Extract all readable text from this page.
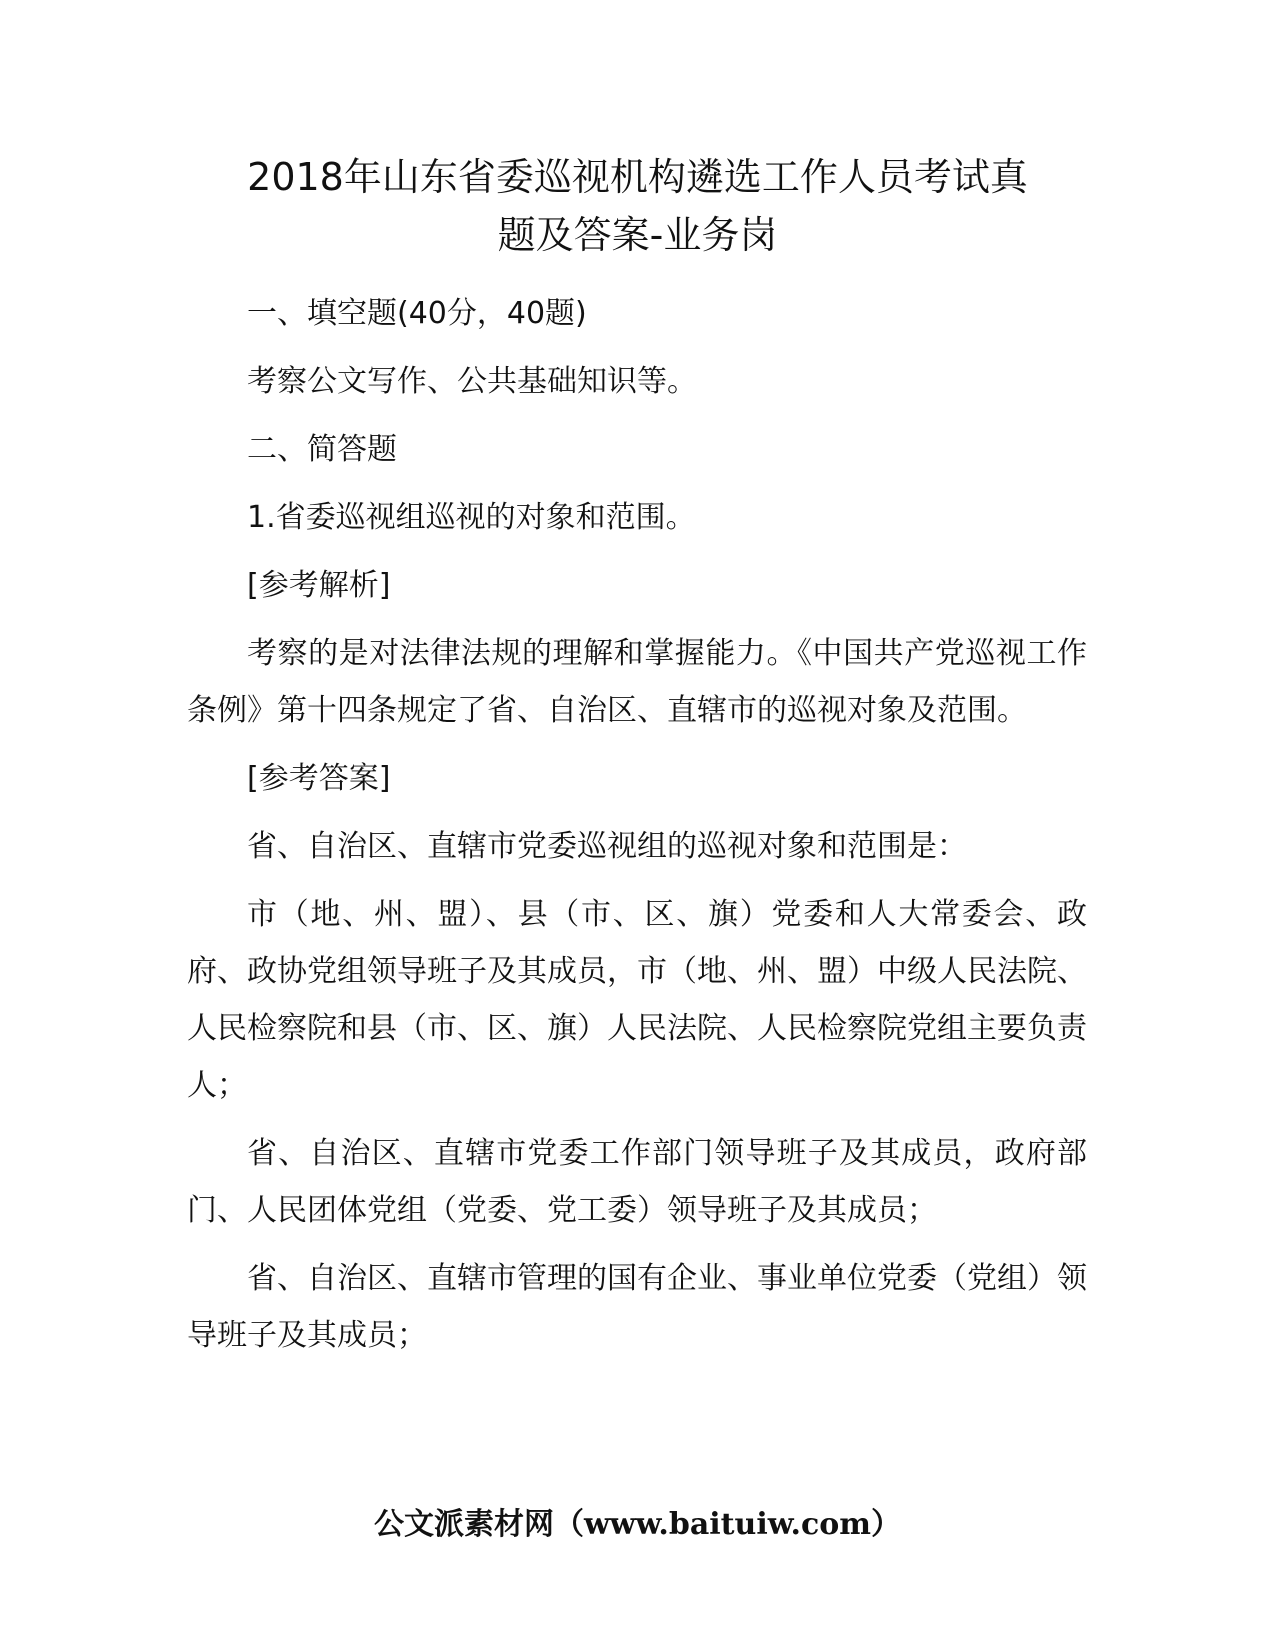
2018年山东省委巡视机构遴选工作人员考试真
题及答案-业务岗

一、填空题(40分，40题)

考察公文写作、公共基础知识等。

二、简答题

1.省委巡视组巡视的对象和范围。

[参考解析]

考察的是对法律法规的理解和掌握能力。《中国共产党巡视工作条例》第十四条规定了省、自治区、直辖市的巡视对象及范围。

[参考答案]

省、自治区、直辖市党委巡视组的巡视对象和范围是：

市（地、州、盟）、县（市、区、旗）党委和人大常委会、政府、政协党组领导班子及其成员，市（地、州、盟）中级人民法院、人民检察院和县（市、区、旗）人民法院、人民检察院党组主要负责人；

省、自治区、直辖市党委工作部门领导班子及其成员，政府部门、人民团体党组（党委、党工委）领导班子及其成员；

省、自治区、直辖市管理的国有企业、事业单位党委（党组）领导班子及其成员；

公文派素材网（www.baituiw.com）
